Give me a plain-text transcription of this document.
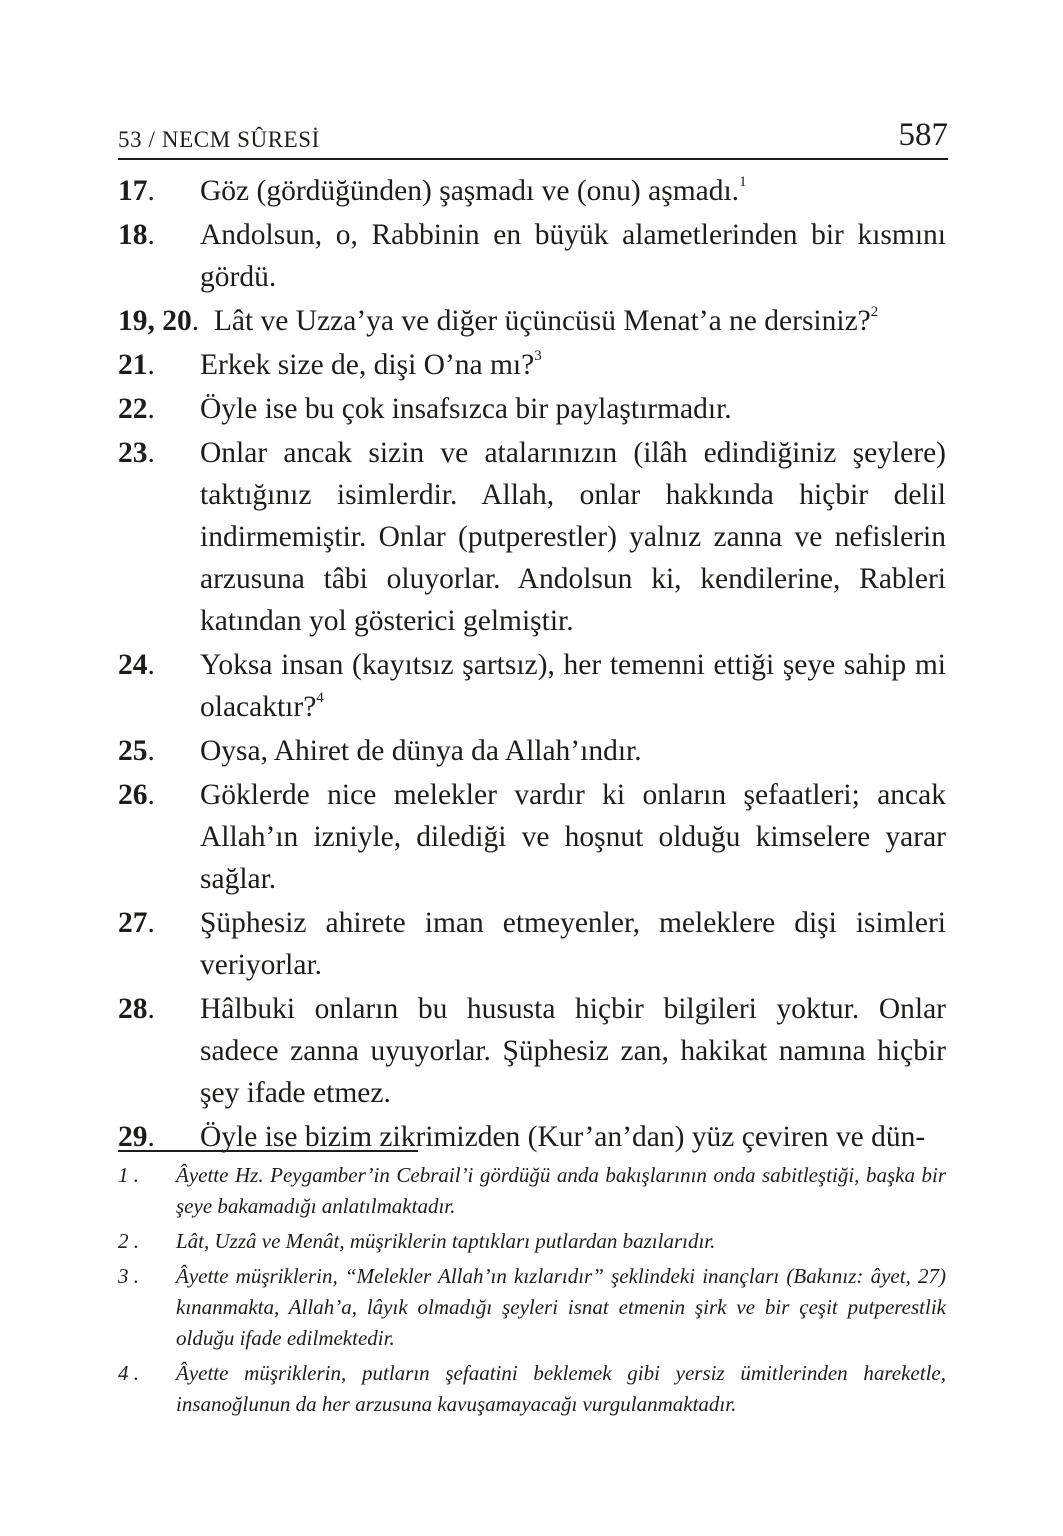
53 / NECM SÛRESİ	587
17. Göz (gördüğünden) şaşmadı ve (onu) aşmadı.$^1$
18. Andolsun, o, Rabbinin en büyük alametlerinden bir kısmını gördü.
19, 20.  Lât ve Uzza’ya ve diğer üçüncüsü Menat’a ne dersiniz?$^2$
21. Erkek size de, dişi O’na mı?$^3$
22. Öyle ise bu çok insafsızca bir paylaştırmadır.
23. Onlar ancak sizin ve atalarınızın (ilâh edindiğiniz şeylere) taktığınız isimlerdir. Allah, onlar hakkında hiçbir delil indirmemiştir. Onlar (putperestler) yalnız zanna ve nefislerin arzusuna tâbi oluyorlar. Andolsun ki, kendilerine, Rableri katından yol gösterici gelmiştir.
24. Yoksa insan (kayıtsız şartsız), her temenni ettiği şeye sahip mi olacaktır?$^4$
25. Oysa, Ahiret de dünya da Allah’ındır.
26. Göklerde nice melekler vardır ki onların şefaatleri; ancak Allah’ın izniyle, dilediği ve hoşnut olduğu kimselere yarar sağlar.
27. Şüphesiz ahirete iman etmeyenler, meleklere dişi isimleri veriyorlar.
28. Hâlbuki onların bu hususta hiçbir bilgileri yoktur. Onlar sadece zanna uyuyorlar. Şüphesiz zan, hakikat namına hiçbir şey ifade etmez.
29. Öyle ise bizim zikrimizden (Kur’an’dan) yüz çeviren ve dün-
1 . Âyette Hz. Peygamber’in Cebrail’i gördüğü anda bakışlarının onda sabitleştiği, başka bir şeye bakamadığı anlatılmaktadır.
2 . Lât, Uzzâ ve Menât, müşriklerin taptıkları putlardan bazılarıdır.
3 . Âyette müşriklerin, “Melekler Allah’ın kızlarıdır” şeklindeki inançları (Bakınız: âyet, 27) kınanmakta, Allah’a, lâyık olmadığı şeyleri isnat etmenin şirk ve bir çeşit putperestlik olduğu ifade edilmektedir.
4 . Âyette müşriklerin, putların şefaatini beklemek gibi yersiz ümitlerinden hareketle, insanoğlunun da her arzusuna kavuşamayacağı vurgulanmaktadır.
